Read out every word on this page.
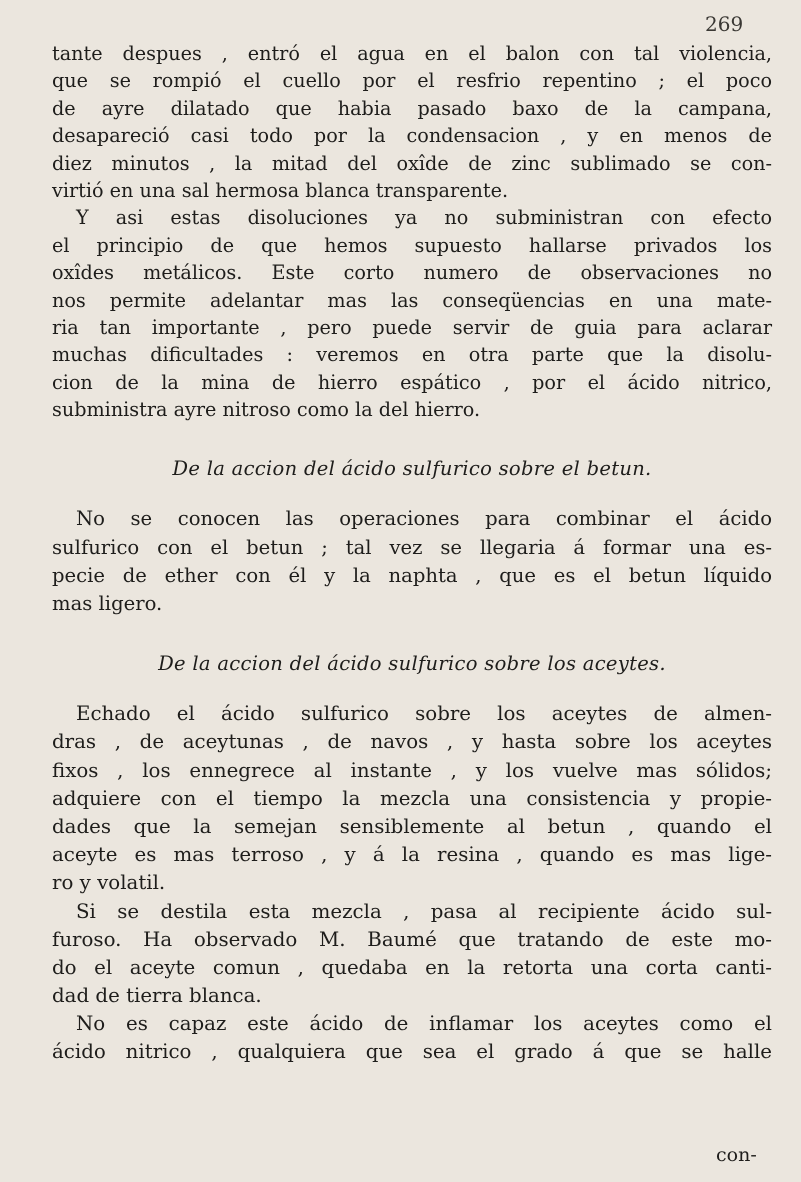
269
tante despues , entró el agua en el balon con tal violencia,
que se rompió el cuello por el resfrio repentino ; el poco
de ayre dilatado que habia pasado baxo de la campana,
desapareció casi todo por la condensacion , y en menos de
diez minutos , la mitad del oxîde de zinc sublimado se con-
virtió en una sal hermosa blanca transparente.
Y asi estas disoluciones ya no subministran con efecto
el principio de que hemos supuesto hallarse privados los
oxîdes metálicos. Este corto numero de observaciones no
nos permite adelantar mas las conseqüencias en una mate-
ria tan importante , pero puede servir de guia para aclarar
muchas dificultades : veremos en otra parte que la disolu-
cion de la mina de hierro espático , por el ácido nitrico,
subministra ayre nitroso como la del hierro.
De la accion del ácido sulfurico sobre el betun.
No se conocen las operaciones para combinar el ácido
sulfurico con el betun ; tal vez se llegaria á formar una es-
pecie de ether con él y la naphta , que es el betun líquido
mas ligero.
De la accion del ácido sulfurico sobre los aceytes.
Echado el ácido sulfurico sobre los aceytes de almen-
dras , de aceytunas , de navos , y hasta sobre los aceytes
fixos , los ennegrece al instante , y los vuelve mas sólidos;
adquiere con el tiempo la mezcla una consistencia y propie-
dades que la semejan sensiblemente al betun , quando el
aceyte es mas terroso , y á la resina , quando es mas lige-
ro y volatil.
Si se destila esta mezcla , pasa al recipiente ácido sul-
furoso. Ha observado M. Baumé que tratando de este mo-
do el aceyte comun , quedaba en la retorta una corta canti-
dad de tierra blanca.
No es capaz este ácido de inflamar los aceytes como el
ácido nitrico , qualquiera que sea el grado á que se halle
con-
